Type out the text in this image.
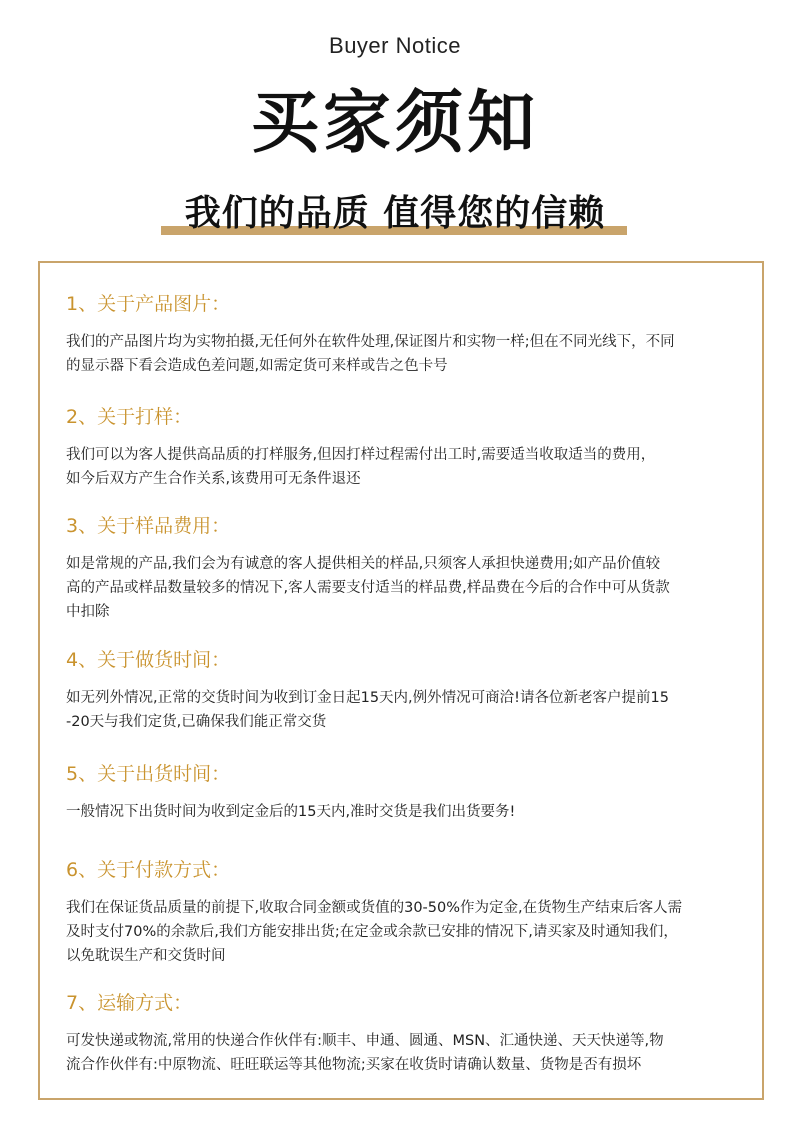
Buyer Notice
买家须知
我们的品质 值得您的信赖
1、关于产品图片：
我们的产品图片均为实物拍摄,无任何外在软件处理,保证图片和实物一样;但在不同光线下，不同
的显示器下看会造成色差问题,如需定货可来样或告之色卡号
2、关于打样：
我们可以为客人提供高品质的打样服务,但因打样过程需付出工时,需要适当收取适当的费用，
如今后双方产生合作关系,该费用可无条件退还
3、关于样品费用：
如是常规的产品,我们会为有诚意的客人提供相关的样品,只须客人承担快递费用;如产品价值较
高的产品或样品数量较多的情况下,客人需要支付适当的样品费,样品费在今后的合作中可从货款
中扣除
4、关于做货时间：
如无列外情况,正常的交货时间为收到订金日起15天内,例外情况可商洽!请各位新老客户提前15
-20天与我们定货,已确保我们能正常交货
5、关于出货时间：
一般情况下出货时间为收到定金后的15天内,准时交货是我们出货要务!
6、关于付款方式：
我们在保证货品质量的前提下,收取合同金额或货值的30-50%作为定金,在货物生产结束后客人需
及时支付70%的余款后,我们方能安排出货;在定金或余款已安排的情况下,请买家及时通知我们，
以免耽误生产和交货时间
7、运输方式：
可发快递或物流,常用的快递合作伙伴有:顺丰、申通、圆通、MSN、汇通快递、天天快递等,物
流合作伙伴有:中原物流、旺旺联运等其他物流;买家在收货时请确认数量、货物是否有损坏
